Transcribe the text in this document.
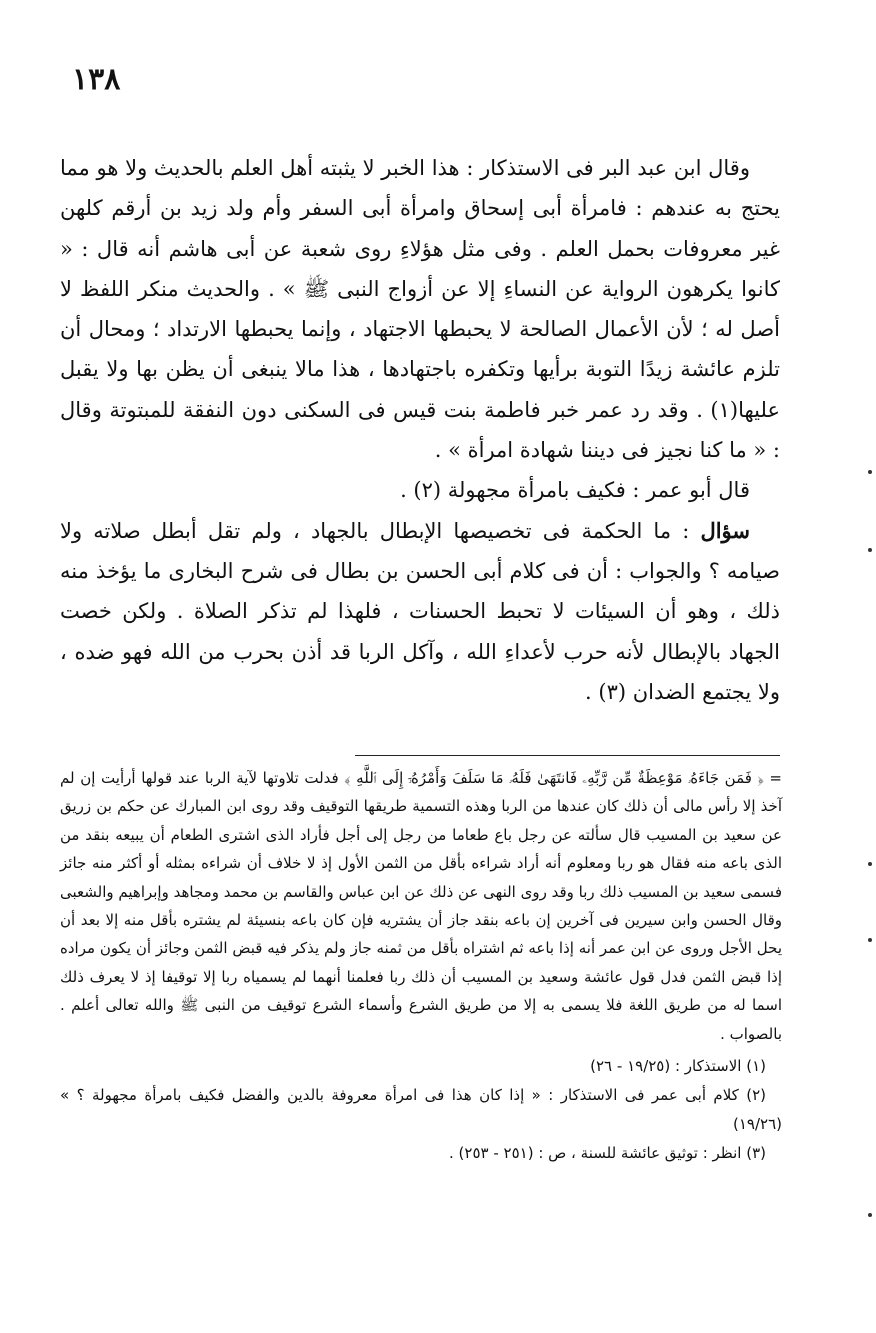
١٣٨

وقال ابن عبد البر فى الاستذكار : هذا الخبر لا يثبته أهل العلم بالحديث ولا هو مما يحتج به عندهم : فامرأة أبى إسحاق وامرأة أبى السفر وأم ولد زيد بن أرقم كلهن غير معروفات بحمل العلم . وفى مثل هؤلاءِ روى شعبة عن أبى هاشم أنه قال : « كانوا يكرهون الرواية عن النساءِ إلا عن أزواج النبى ﷺ » . والحديث منكر اللفظ لا أصل له ؛ لأن الأعمال الصالحة لا يحبطها الاجتهاد ، وإنما يحبطها الارتداد ؛ ومحال أن تلزم عائشة زيدًا التوبة برأيها وتكفره باجتهادها ، هذا مالا ينبغى أن يظن بها ولا يقبل عليها(١) . وقد رد عمر خبر فاطمة بنت قيس فى السكنى دون النفقة للمبتوتة وقال : « ما كنا نجيز فى ديننا شهادة امرأة » .

قال أبو عمر : فكيف بامرأة مجهولة (٢) .

سؤال : ما الحكمة فى تخصيصها الإبطال بالجهاد ، ولم تقل أبطل صلاته ولا صيامه ؟ والجواب : أن فى كلام أبى الحسن بن بطال فى شرح البخارى ما يؤخذ منه ذلك ، وهو أن السيئات لا تحبط الحسنات ، فلهذا لم تذكر الصلاة . ولكن خصت الجهاد بالإبطال لأنه حرب لأعداءِ الله ، وآكل الربا قد أذن بحرب من الله فهو ضده ، ولا يجتمع الضدان (٣) .

= ﴿ فَمَن جَاءَهُۥ مَوْعِظَةٌ مِّن رَّبِّهِۦ فَانتَهَىٰ فَلَهُۥ مَا سَلَفَ وَأَمْرُهُۥٓ إِلَى ٱللَّهِ ﴾ فدلت تلاوتها لآية الربا عند قولها أرأيت إن لم آخذ إلا رأس مالى أن ذلك كان عندها من الربا وهذه التسمية طريقها التوقيف وقد روى ابن المبارك عن حكم بن زريق عن سعيد بن المسيب قال سألته عن رجل باع طعاما من رجل إلى أجل فأراد الذى اشترى الطعام أن يبيعه بنقد من الذى باعه منه فقال هو ربا ومعلوم أنه أراد شراءه بأقل من الثمن الأول إذ لا خلاف أن شراءه بمثله أو أكثر منه جائز فسمى سعيد بن المسيب ذلك ربا وقد روى النهى عن ذلك عن ابن عباس والقاسم بن محمد ومجاهد وإبراهيم والشعبى وقال الحسن وابن سيرين فى آخرين إن باعه بنقد جاز أن يشتريه فإن كان باعه بنسيئة لم يشتره بأقل منه إلا بعد أن يحل الأجل وروى عن ابن عمر أنه إذا باعه ثم اشتراه بأقل من ثمنه جاز ولم يذكر فيه قبض الثمن وجائز أن يكون مراده إذا قبض الثمن فدل قول عائشة وسعيد بن المسيب أن ذلك ربا فعلمنا أنهما لم يسمياه ربا إلا توقيفا إذ لا يعرف ذلك اسما له من طريق اللغة فلا يسمى به إلا من طريق الشرع وأسماء الشرع توقيف من النبى ﷺ والله تعالى أعلم . بالصواب .

(١) الاستذكار : (١٩/٢٥ - ٢٦)

(٢) كلام أبى عمر فى الاستذكار : « إذا كان هذا فى امرأة معروفة بالدين والفضل فكيف بامرأة مجهولة ؟ » (١٩/٢٦)

(٣) انظر : توثيق عائشة للسنة ، ص : (٢٥١ - ٢٥٣) .
